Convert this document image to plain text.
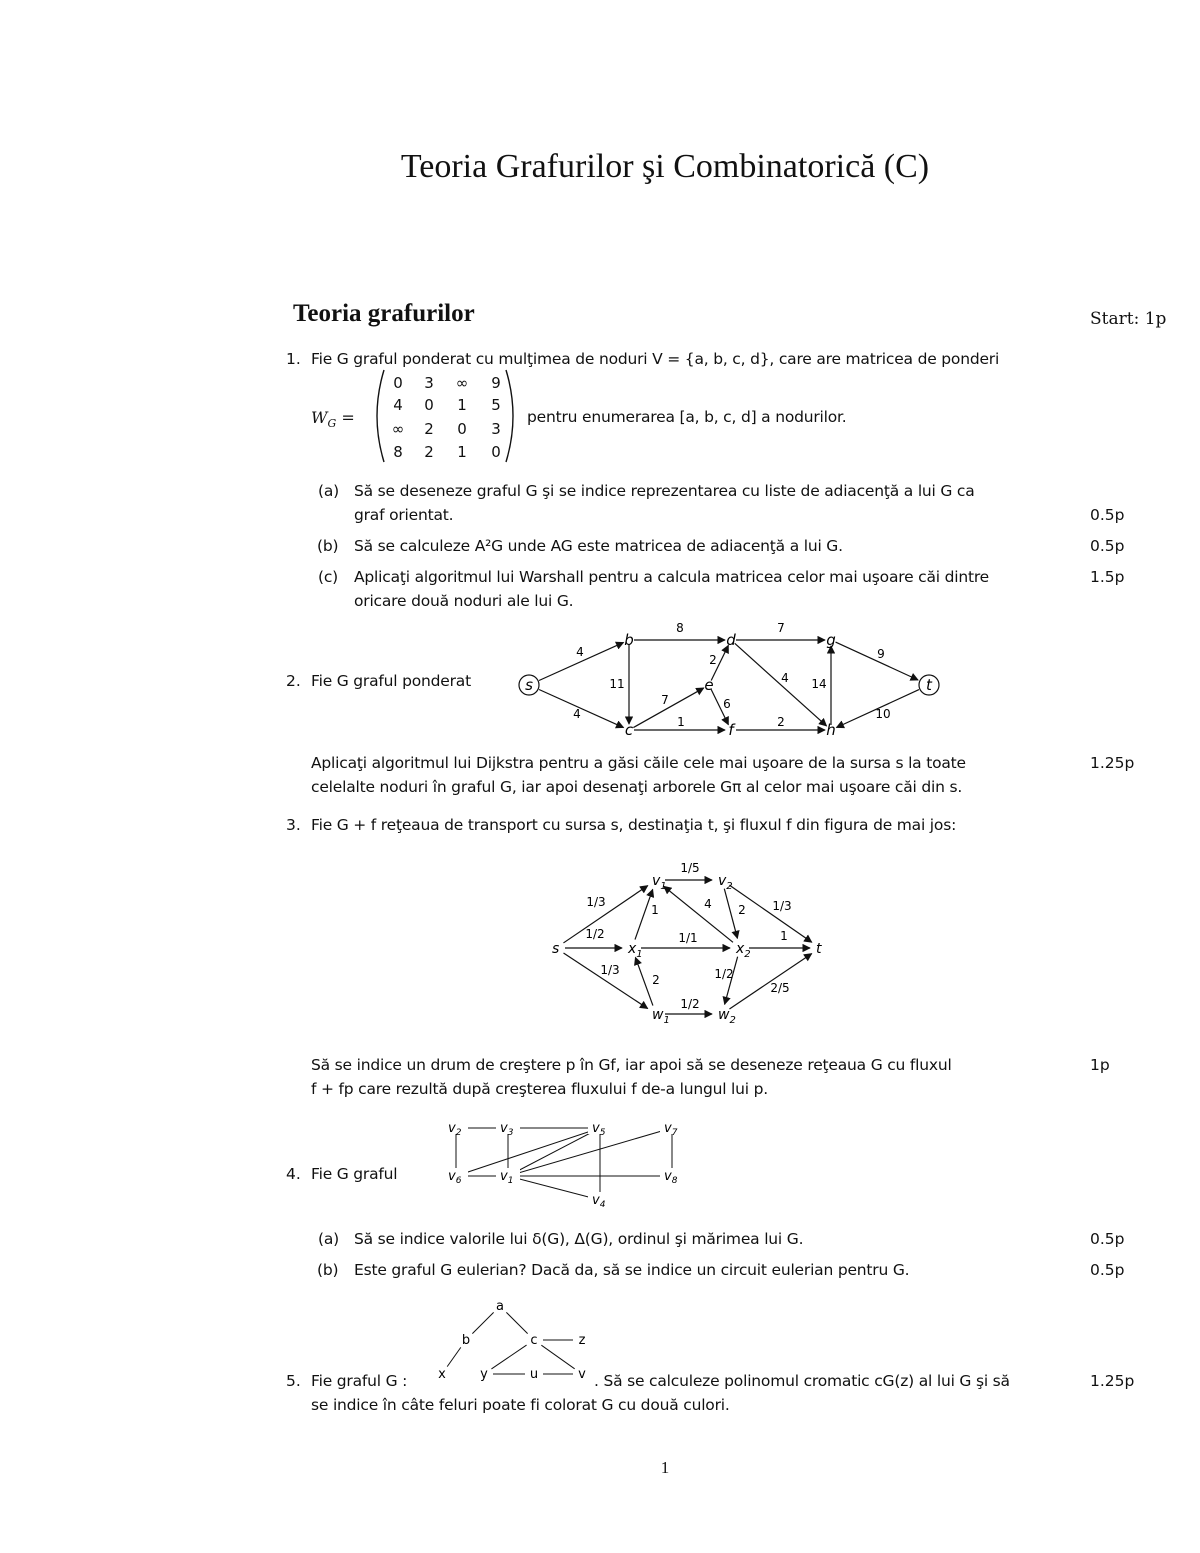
Teoria Grafurilor şi Combinatorică (C)
Teoria grafurilor	Start: 1p
1. Fie G graful ponderat cu mulţimea de noduri V = {a, b, c, d}, care are matricea de ponderi
$W_G$ =
0 3 ∞ 9
4 0 1 5
∞ 2 0 3
8 2 1 0
pentru enumerarea [a, b, c, d] a nodurilor.
(a) Să se deseneze graful G şi se indice reprezentarea cu liste de adiacenţă a lui G ca
graf orientat.	0.5p
(b) Să se calculeze A²G unde AG este matricea de adiacenţă a lui G.	0.5p
(c) Aplicaţi algoritmul lui Warshall pentru a calcula matricea celor mai uşoare căi dintre
oricare două noduri ale lui G.
1.5p
2. Fie G graful ponderat
4
4
8
11
7
1
2
6
7
4
2
14
9
10
s
b
c
d
e
f
g
h
t
Aplicaţi algoritmul lui Dijkstra pentru a găsi căile cele mai uşoare de la sursa s la toate
celelalte noduri în graful G, iar apoi desenaţi arborele Gπ al celor mai uşoare căi din s.
1.25p
3. Fie G + f reţeaua de transport cu sursa s, destinaţia t, şi fluxul f din figura de mai jos:
1/3
1/2
1/3
1/5
1	4 2 1/3
1/1	1
2
1/2
1/2
2/5
s
$v_1$	$v_2$
$x_1$	$x_2$
$w_1$	$w_2$
t
Să se indice un drum de creştere p în Gf, iar apoi să se deseneze reţeaua G cu fluxul
f + fp care rezultă după creşterea fluxului f de-a lungul lui p.
1p
4. Fie G graful	$v_1$
$v_2$	$v_3$
$v_4$
$v_5$
$v_6$
$v_7$
$v_8$
(a) Să se indice valorile lui δ(G), Δ(G), ordinul şi mărimea lui G.	0.5p
(b) Este graful G eulerian? Dacă da, să se indice un circuit eulerian pentru G.	0.5p
5. Fie graful G :
a
b	c	z
x	y	u	v . Să se calculeze polinomul cromatic cG(z) al lui G şi să
se indice în câte feluri poate fi colorat G cu două culori.
1.25p
1
